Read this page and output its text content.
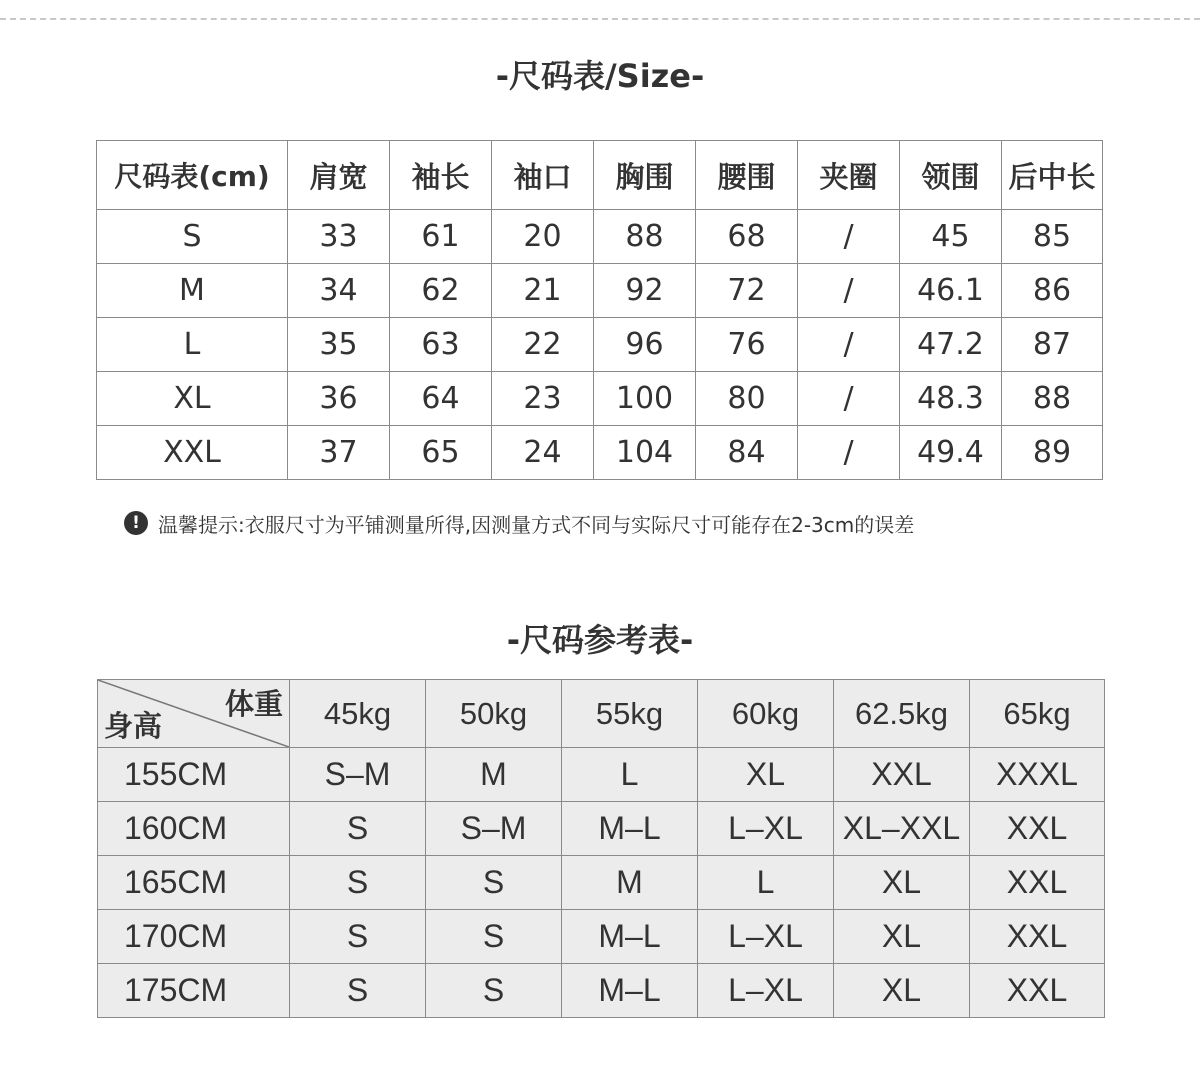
-尺码表/Size-
尺码表(cm)	肩宽	袖长	袖口	胸围	腰围	夹圈	领围	后中长
S	33	61	20	88	68	/	45	85
M	34	62	21	92	72	/	46.1	86
L	35	63	22	96	76	/	47.2	87
XL	36	64	23	100	80	/	48.3	88
XXL	37	65	24	104	84	/	49.4	89
! 温馨提示:衣服尺寸为平铺测量所得,因测量方式不同与实际尺寸可能存在2-3cm的误差
-尺码参考表-
体重
身高	45kg	50kg	55kg	60kg	62.5kg	65kg
155CM	S–M	M	L	XL	XXL	XXXL
160CM	S	S–M	M–L	L–XL	XL–XXL	XXL
165CM	S	S	M	L	XL	XXL
170CM	S	S	M–L	L–XL	XL	XXL
175CM	S	S	M–L	L–XL	XL	XXL
